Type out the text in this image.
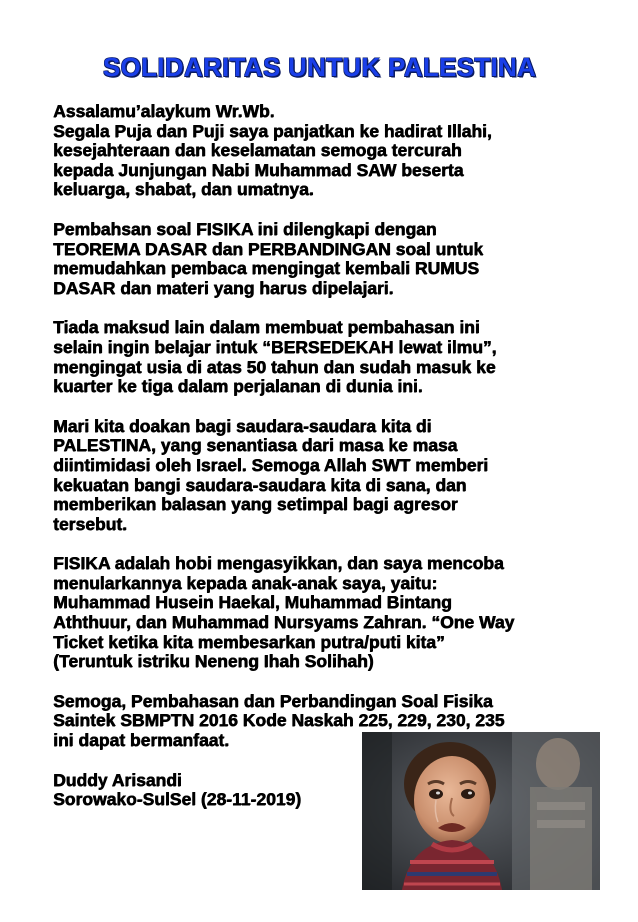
SOLIDARITAS UNTUK PALESTINA

Assalamu’alaykum Wr.Wb.

Segala Puja dan Puji saya panjatkan ke hadirat Illahi,

kesejahteraan dan keselamatan semoga tercurah

kepada Junjungan Nabi Muhammad SAW beserta

keluarga, shabat, dan umatnya.

Pembahsan soal FISIKA ini dilengkapi dengan

TEOREMA DASAR dan PERBANDINGAN soal untuk

memudahkan pembaca mengingat kembali RUMUS

DASAR dan materi yang harus dipelajari.

Tiada maksud lain dalam membuat pembahasan ini

selain ingin belajar intuk “BERSEDEKAH lewat ilmu”,

mengingat usia di atas 50 tahun dan sudah masuk ke

kuarter ke tiga dalam perjalanan di dunia ini.

Mari kita doakan bagi saudara-saudara kita di

PALESTINA, yang senantiasa dari masa ke masa

diintimidasi oleh Israel. Semoga Allah SWT memberi

kekuatan bangi saudara-saudara kita di sana, dan

memberikan balasan yang setimpal bagi agresor

tersebut.

FISIKA adalah hobi mengasyikkan, dan saya mencoba

menularkannya kepada anak-anak saya, yaitu:

Muhammad Husein Haekal, Muhammad Bintang

Aththuur, dan Muhammad Nursyams Zahran. “One Way

Ticket ketika kita membesarkan putra/puti kita”

(Teruntuk istriku Neneng Ihah Solihah)

Semoga, Pembahasan dan Perbandingan Soal Fisika

Saintek SBMPTN 2016 Kode Naskah 225, 229, 230, 235

ini dapat bermanfaat.

Duddy Arisandi

Sorowako-SulSel (28-11-2019)
